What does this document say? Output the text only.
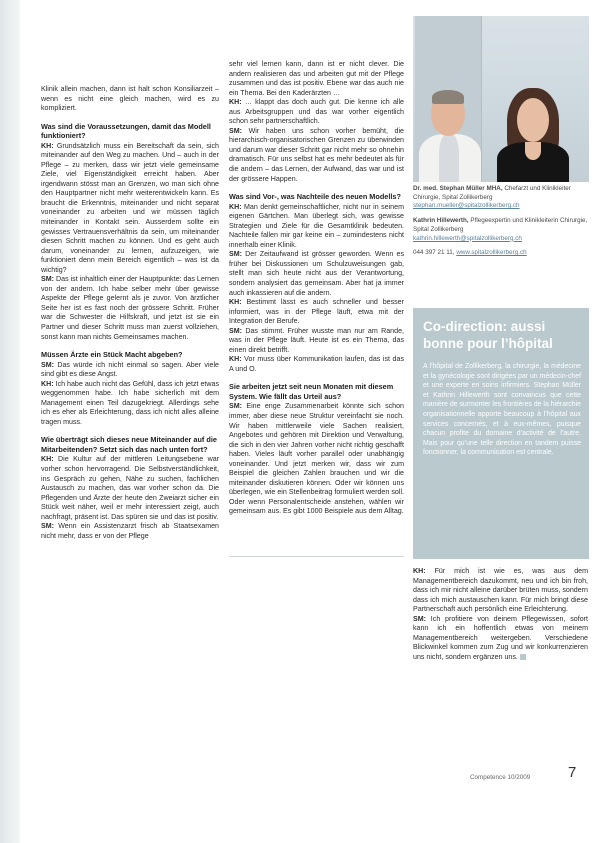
Klinik allein machen, dann ist halt schon Konsiliarzeit – wenn es nicht eine gleich machen, wird es zu kompliziert.

Was sind die Voraussetzungen, damit das Modell funktioniert?

KH: Grundsätzlich muss ein Bereitschaft da sein, sich miteinander auf den Weg zu machen. Und – auch in der Pflege – zu merken, dass wir jetzt viele gemeinsame Ziele, viel Eigenständigkeit erreicht haben. Aber irgendwann stösst man an Grenzen, wo man sich ohne den Hauptpartner nicht mehr weiterentwickeln kann. Es braucht die Erkenntnis, miteinander und nicht separat voneinander zu arbeiten und wir müssen täglich miteinander in Kontakt sein. Ausserdem sollte ein gewisses Vertrauensverhältnis da sein, um miteinander diesen Schritt machen zu können. Und es geht auch darum, voneinander zu lernen, aufzuzeigen, wie funktioniert denn mein Bereich eigentlich – was ist da wichtig?

SM: Das ist inhaltlich einer der Hauptpunkte: das Lernen von der andern. Ich habe selber mehr über gewisse Aspekte der Pflege gelernt als je zuvor. Von ärztlicher Seite her ist es fast noch der grössere Schritt. Früher war die Schwester die Hilfskraft, und jetzt ist sie ein Partner und dieser Schritt muss man zuerst vollziehen, sonst kann man nichts Gemeinsames machen.

Müssen Ärzte ein Stück Macht abgeben?

SM: Das würde ich nicht einmal so sagen. Aber viele sind gibt es diese Angst.

KH: Ich habe auch nicht das Gefühl, dass ich jetzt etwas weggenommen habe. Ich habe sicherlich mit dem Management einen Teil dazugekriegt. Allerdings sehe ich es eher als Erleichterung, dass ich nicht alles alleine tragen muss.

Wie überträgt sich dieses neue Miteinander auf die Mitarbeitenden? Setzt sich das nach unten fort?

KH: Die Kultur auf der mittleren Leitungsebene war vorher schon hervorragend. Die Selbstverständlichkeit, ins Gespräch zu gehen, Nähe zu suchen, fachlichen Austausch zu machen, das war vorher schon da. Die Pflegenden und Ärzte der heute den Zweiarzt sicher ein Stück weit näher, weil er mehr interessiert zeigt, auch nachfragt, präsent ist. Das spüren sie und das ist positiv.

SM: Wenn ein Assistenzarzt frisch ab Staatsexamen nicht mehr, dass er von der Pflege

sehr viel lernen kann, dann ist er nicht clever. Die andern realisieren das und arbeiten gut mit der Pflege zusammen und das ist positiv. Ebene war das auch nie ein Thema. Bei den Kaderärzten …

KH: … klappt das doch auch gut. Die kenne ich alle aus Arbeitsgruppen und das war vorher eigentlich schon sehr partnerschaftlich.

SM: Wir haben uns schon vorher bemüht, die hierarchisch-organisatorischen Grenzen zu überwinden und darum war dieser Schritt gar nicht mehr so ohnehin dramatisch. Für uns selbst hat es mehr bedeutet als für die andern – das Lernen, der Aufwand, das war und ist der grössere Happen.

Was sind Vor-, was Nachteile des neuen Modells?

KH: Man denkt gemeinschaftlicher, nicht nur in seinem eigenen Gärtchen. Man überlegt sich, was gewisse Strategien und Ziele für die Gesamtklinik bedeuten. Nachteile fallen mir gar keine ein – zumindestens nicht innerhalb einer Klinik.

SM: Der Zeitaufwand ist grösser geworden. Wenn es früher bei Diskussionen um Schulzuweisungen gab, stellt man sich heute nicht aus der Verantwortung, sondern analysiert das gemeinsam. Aber hat ja immer auch inkassieren auf die andern.

KH: Bestimmt lässt es auch schneller und besser informiert, was in der Pflege läuft, etwa mit der Integration der Berufe.

SM: Das stimmt. Früher wusste man nur am Rande, was in der Pflege läuft. Heute ist es ein Thema, das einen direkt betrifft.

KH: Vor muss über Kommunikation laufen, das ist das A und O.

Sie arbeiten jetzt seit neun Monaten mit diesem System. Wie fällt das Urteil aus?

SM: Eine enge Zusammenarbeit könnte sich schon immer, aber diese neue Struktur vereinfacht sie noch. Wir haben mittlerweile viele Sachen realisiert, Angebotes und gehören mit Direktion und Verwaltung, die sich in den vier Jahren vorher nicht richtig geschafft haben. Vieles läuft vorher parallel oder unabhängig voneinander. Und jetzt merken wir, dass wir zum Beispiel die gleichen Zahlen brauchen und wir die miteinander diskutieren können. Oder wir können uns überlegen, wie ein Stellenbeitrag formuliert werden soll. Oder wenn Personalentscheide anstehen, wählen wir gemeinsam aus. Es gibt 1000 Beispiele aus dem Alltag.

Dr. med. Stephan Müller MHA, Chefarzt und Klinikleiter Chirurgie, Spital Zollikerberg
stephan.mueller@spitalzollikerberg.ch

Kathrin Hillewerth, Pflegeexpertin und Klinikleiterin Chirurgie, Spital Zollikerberg
kathrin.hillewerth@spitalzollikerberg.ch

044 397 21 11, www.spitalzollikerberg.ch

Co-direction: aussi bonne pour l’hôpital
A l’hôpital de Zollikerberg, la chirurgie, la médecine et la gynécologie sont dirigées par un médecin-chef et une experte en soins infirmiers. Stephan Müller et Kathrin Hillewerth sont convaincus que cette manière de surmonter les frontières de la hiérarchie organisationnelle apporte beaucoup à l’hôpital aux services concernés, et à eux-mêmes, puisque chacun profite du domaine d’activité de l’autre. Mais pour qu’une telle direction en tandem puisse fonctionner, la communication est centrale.

KH: Für mich ist wie es, was aus dem Managementbereich dazukommt, neu und ich bin froh, dass ich mir nicht alleine darüber brüten muss, sondern dass ich mich austauschen kann. Für mich bringt diese Partnerschaft auch persönlich eine Erleichterung.

SM: Ich profitiere von deinem Pflegewissen, sofort kann ich ein hoffentlich etwas von meinem Managementbereich weitergeben. Verschiedene Blickwinkel kommen zum Zug und wir konkurrenzieren uns nicht, sondern ergänzen uns.

Competence 10/2009	7
